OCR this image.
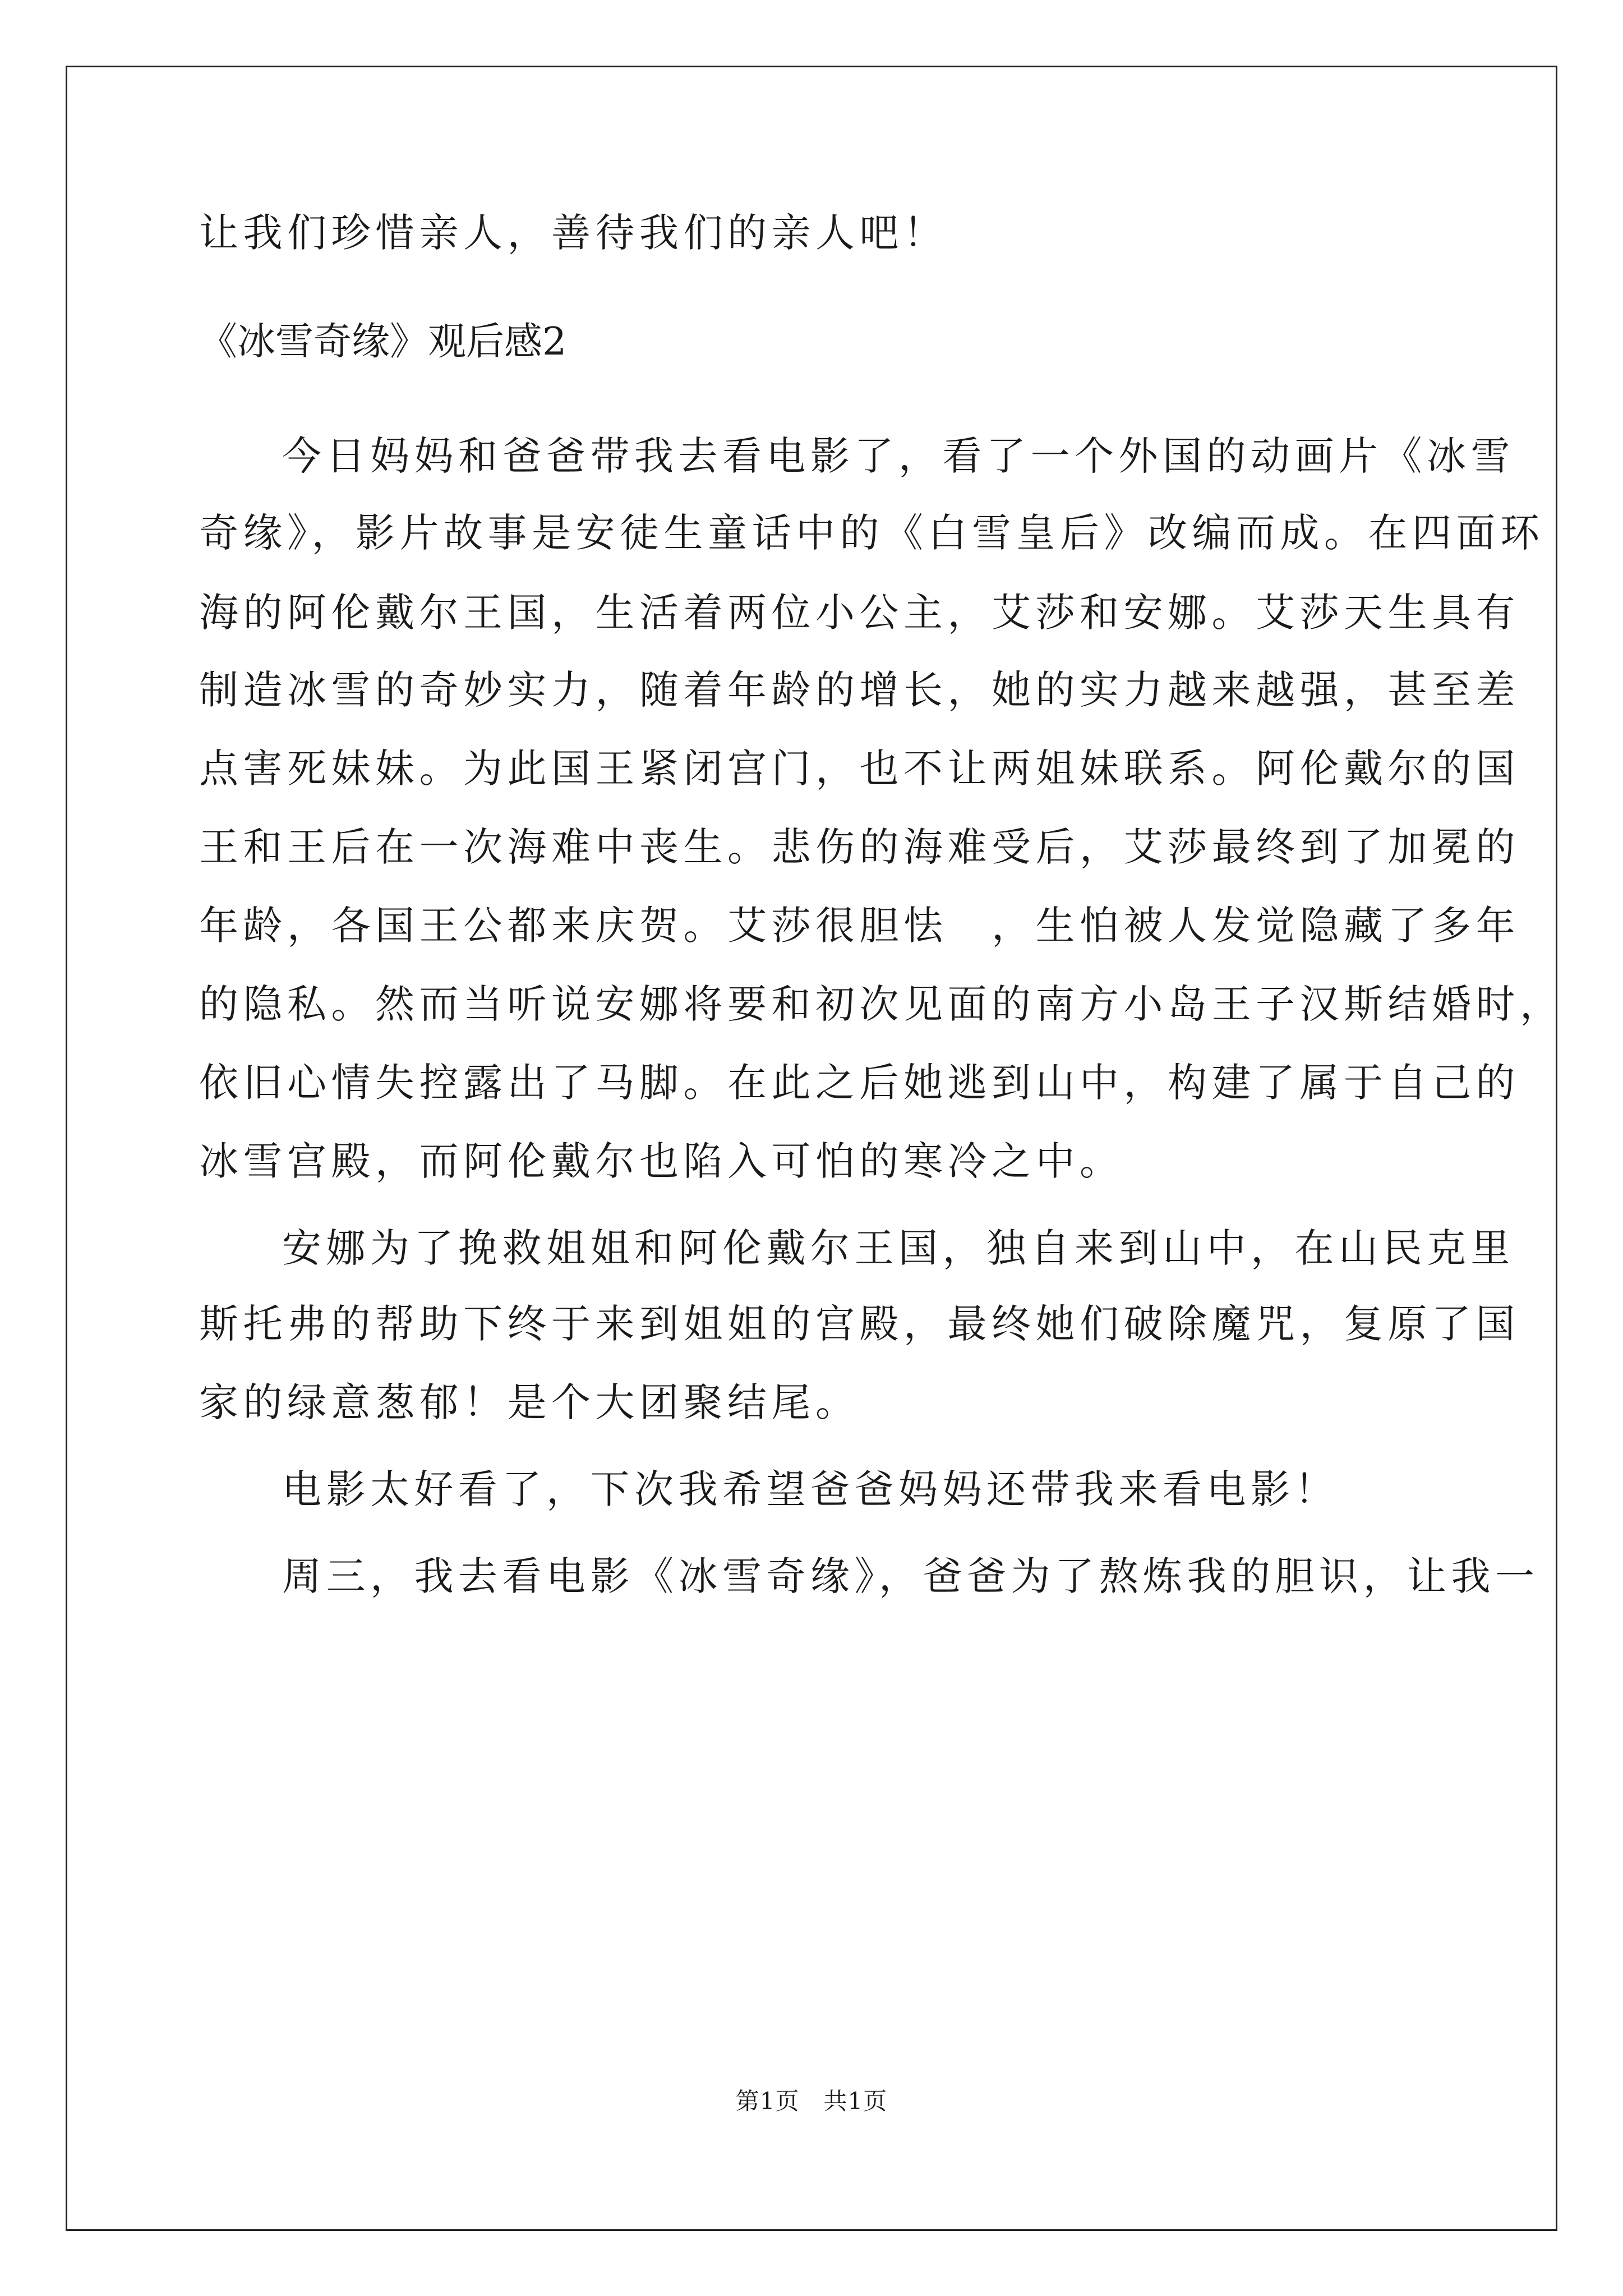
让我们珍惜亲人，善待我们的亲人吧！
《冰雪奇缘》观后感2
今日妈妈和爸爸带我去看电影了，看了一个外国的动画片《冰雪
奇缘》，影片故事是安徒生童话中的《白雪皇后》改编而成。在四面环
海的阿伦戴尔王国，生活着两位小公主，艾莎和安娜。艾莎天生具有
制造冰雪的奇妙实力，随着年龄的增长，她的实力越来越强，甚至差
点害死妹妹。为此国王紧闭宫门，也不让两姐妹联系。阿伦戴尔的国
王和王后在一次海难中丧生。悲伤的海难受后，艾莎最终到了加冕的
年龄，各国王公都来庆贺。艾莎很胆怯　，生怕被人发觉隐藏了多年
的隐私。然而当听说安娜将要和初次见面的南方小岛王子汉斯结婚时，
依旧心情失控露出了马脚。在此之后她逃到山中，构建了属于自己的
冰雪宫殿，而阿伦戴尔也陷入可怕的寒冷之中。
安娜为了挽救姐姐和阿伦戴尔王国，独自来到山中，在山民克里
斯托弗的帮助下终于来到姐姐的宫殿，最终她们破除魔咒，复原了国
家的绿意葱郁！是个大团聚结尾。
电影太好看了，下次我希望爸爸妈妈还带我来看电影！
周三，我去看电影《冰雪奇缘》，爸爸为了熬炼我的胆识，让我一
第1页　共1页
